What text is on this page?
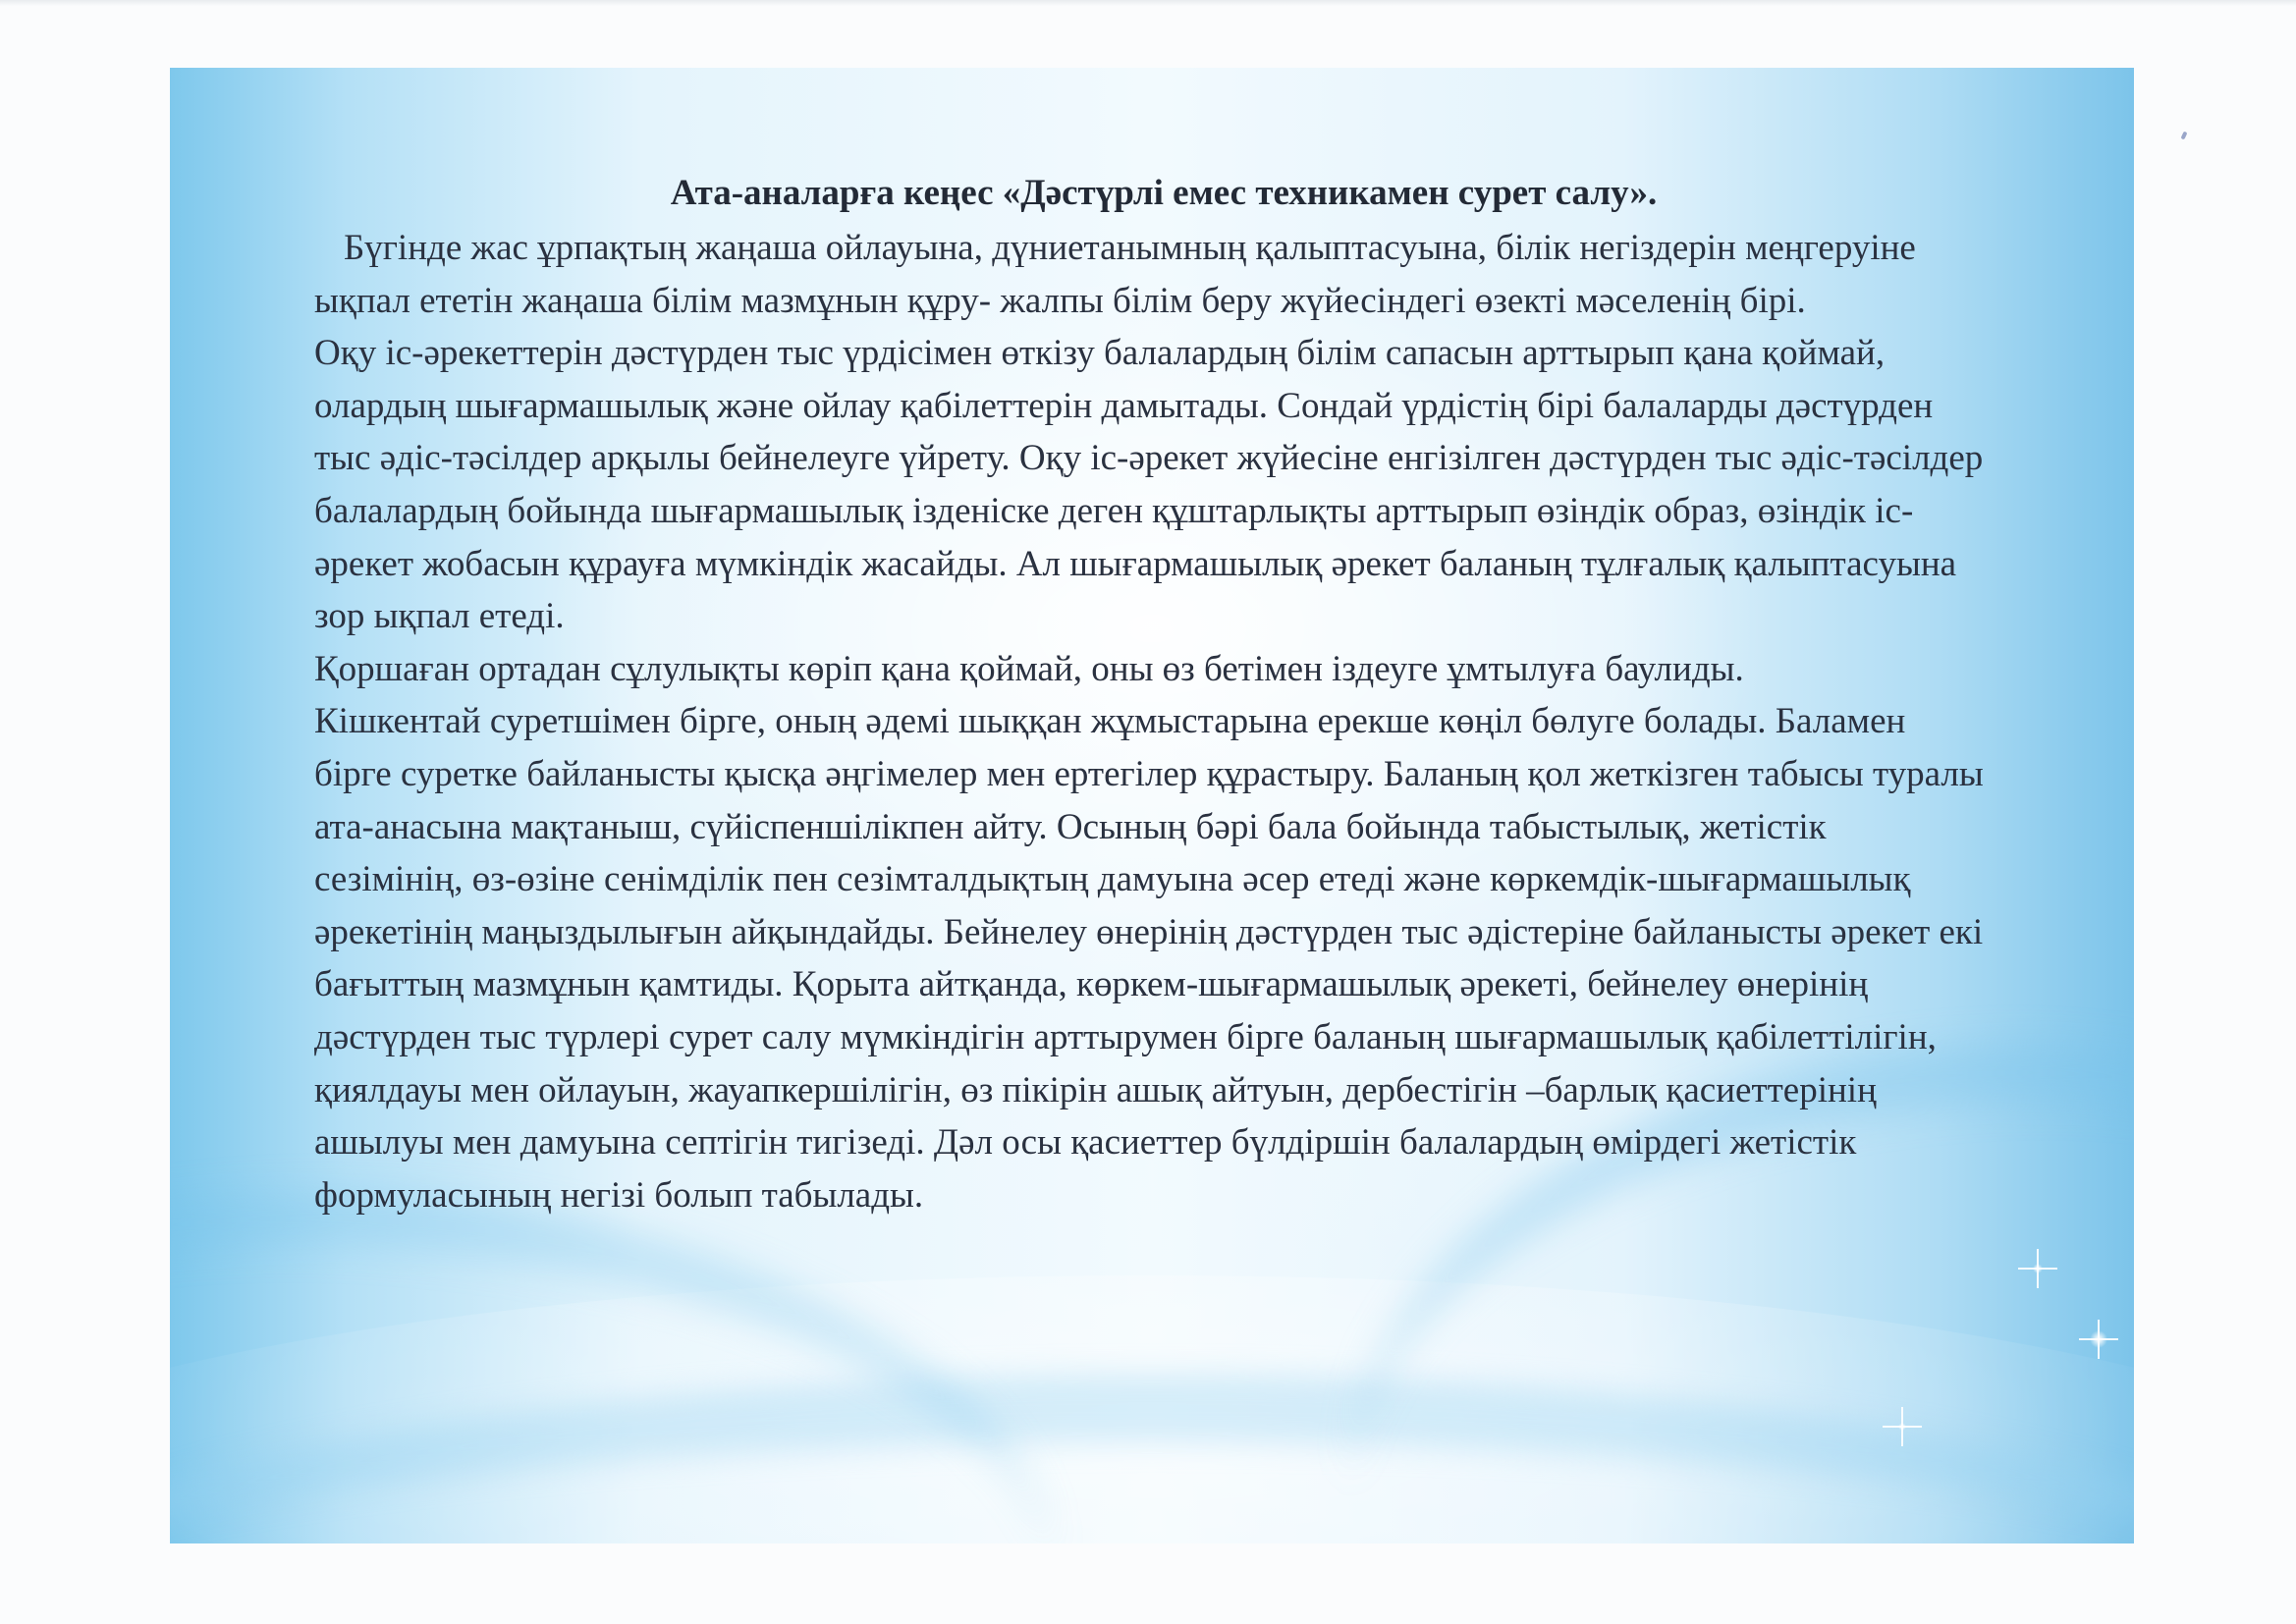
Ата-аналарға кеңес «Дәстүрлі емес техникамен сурет салу».

Бүгінде жас ұрпақтың жаңаша ойлауына, дүниетанымның қалыптасуына, білік негіздерін меңгеруіне ықпал ететін жаңаша білім мазмұнын құру- жалпы білім беру жүйесіндегі өзекті мәселенің бірі.

Оқу іс-әрекеттерін дәстүрден тыс үрдісімен өткізу балалардың білім сапасын арттырып қана қоймай, олардың шығармашылық және ойлау қабілеттерін дамытады. Сондай үрдістің бірі балаларды дәстүрден тыс әдіс-тәсілдер арқылы бейнелеуге үйрету. Оқу іс-әрекет жүйесіне енгізілген дәстүрден тыс әдіс-тәсілдер балалардың бойында шығармашылық ізденіске деген құштарлықты арттырып өзіндік образ, өзіндік іс-әрекет жобасын құрауға мүмкіндік жасайды. Ал шығармашылық әрекет баланың тұлғалық қалыптасуына зор ықпал етеді.

Қоршаған ортадан сұлулықты көріп қана қоймай, оны өз бетімен іздеуге ұмтылуға баулиды.

Кішкентай суретшімен бірге, оның әдемі шыққан жұмыстарына ерекше көңіл бөлуге болады. Баламен бірге суретке байланысты қысқа әңгімелер мен ертегілер құрастыру. Баланың қол жеткізген табысы туралы ата-анасына мақтаныш, сүйіспеншілікпен айту. Осының бәрі бала бойында табыстылық, жетістік сезімінің, өз-өзіне сенімділік пен сезімталдықтың дамуына әсер етеді және көркемдік-шығармашылық әрекетінің маңыздылығын айқындайды. Бейнелеу өнерінің дәстүрден тыс әдістеріне байланысты әрекет екі бағыттың мазмұнын қамтиды. Қорыта айтқанда, көркем-шығармашылық әрекеті, бейнелеу өнерінің дәстүрден тыс түрлері сурет салу мүмкіндігін арттырумен бірге баланың шығармашылық қабілеттілігін, қиялдауы мен ойлауын, жауапкершілігін, өз пікірін ашық айтуын, дербестігін –барлық қасиеттерінің ашылуы мен дамуына септігін тигізеді. Дәл осы қасиеттер бүлдіршін балалардың өмірдегі жетістік формуласының негізі болып табылады.
